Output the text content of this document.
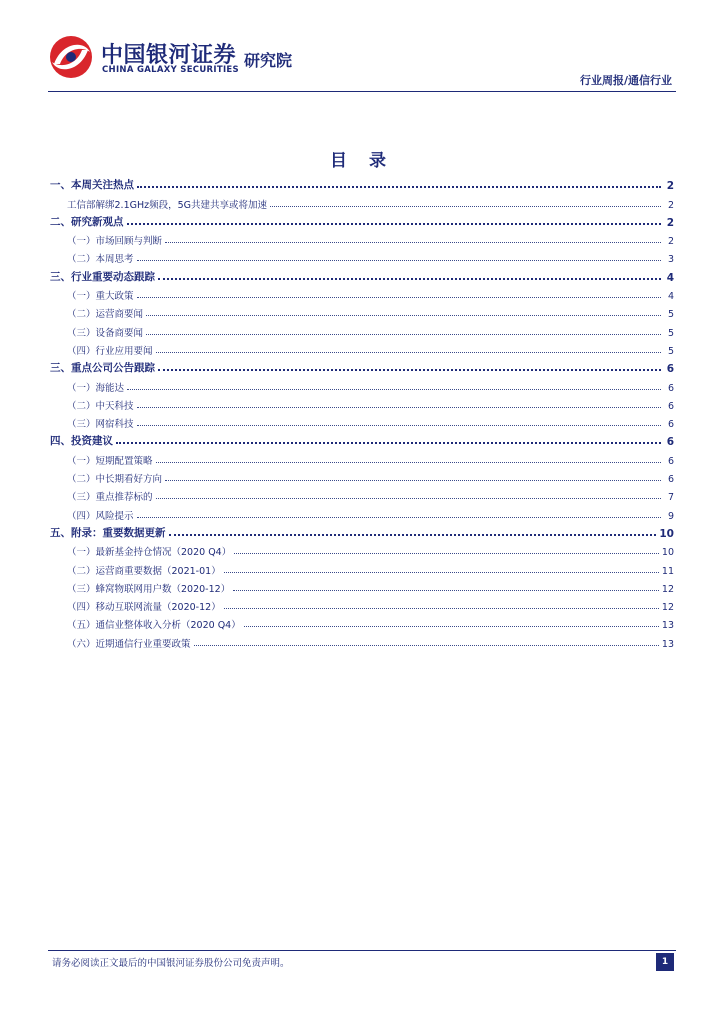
中国银河证券
CHINA GALAXY SECURITIES 研究院
行业周报/通信行业
目 录
一、本周关注热点	2
工信部解绑2.1GHz频段，5G共建共享或将加速	2
二、研究新观点	2
（一）市场回顾与判断	2
（二）本周思考	3
三、行业重要动态跟踪	4
（一）重大政策	4
（二）运营商要闻	5
（三）设备商要闻	5
（四）行业应用要闻	5
三、重点公司公告跟踪	6
（一）海能达	6
（二）中天科技	6
（三）网宿科技	6
四、投资建议	6
（一）短期配置策略	6
（二）中长期看好方向	6
（三）重点推荐标的	7
（四）风险提示	9
五、附录：重要数据更新	10
（一）最新基金持仓情况（2020 Q4）	10
（二）运营商重要数据（2021-01）	11
（三）蜂窝物联网用户数（2020-12）	12
（四）移动互联网流量（2020-12）	12
（五）通信业整体收入分析（2020 Q4）	13
（六）近期通信行业重要政策	13
请务必阅读正文最后的中国银河证券股份公司免责声明。	1
